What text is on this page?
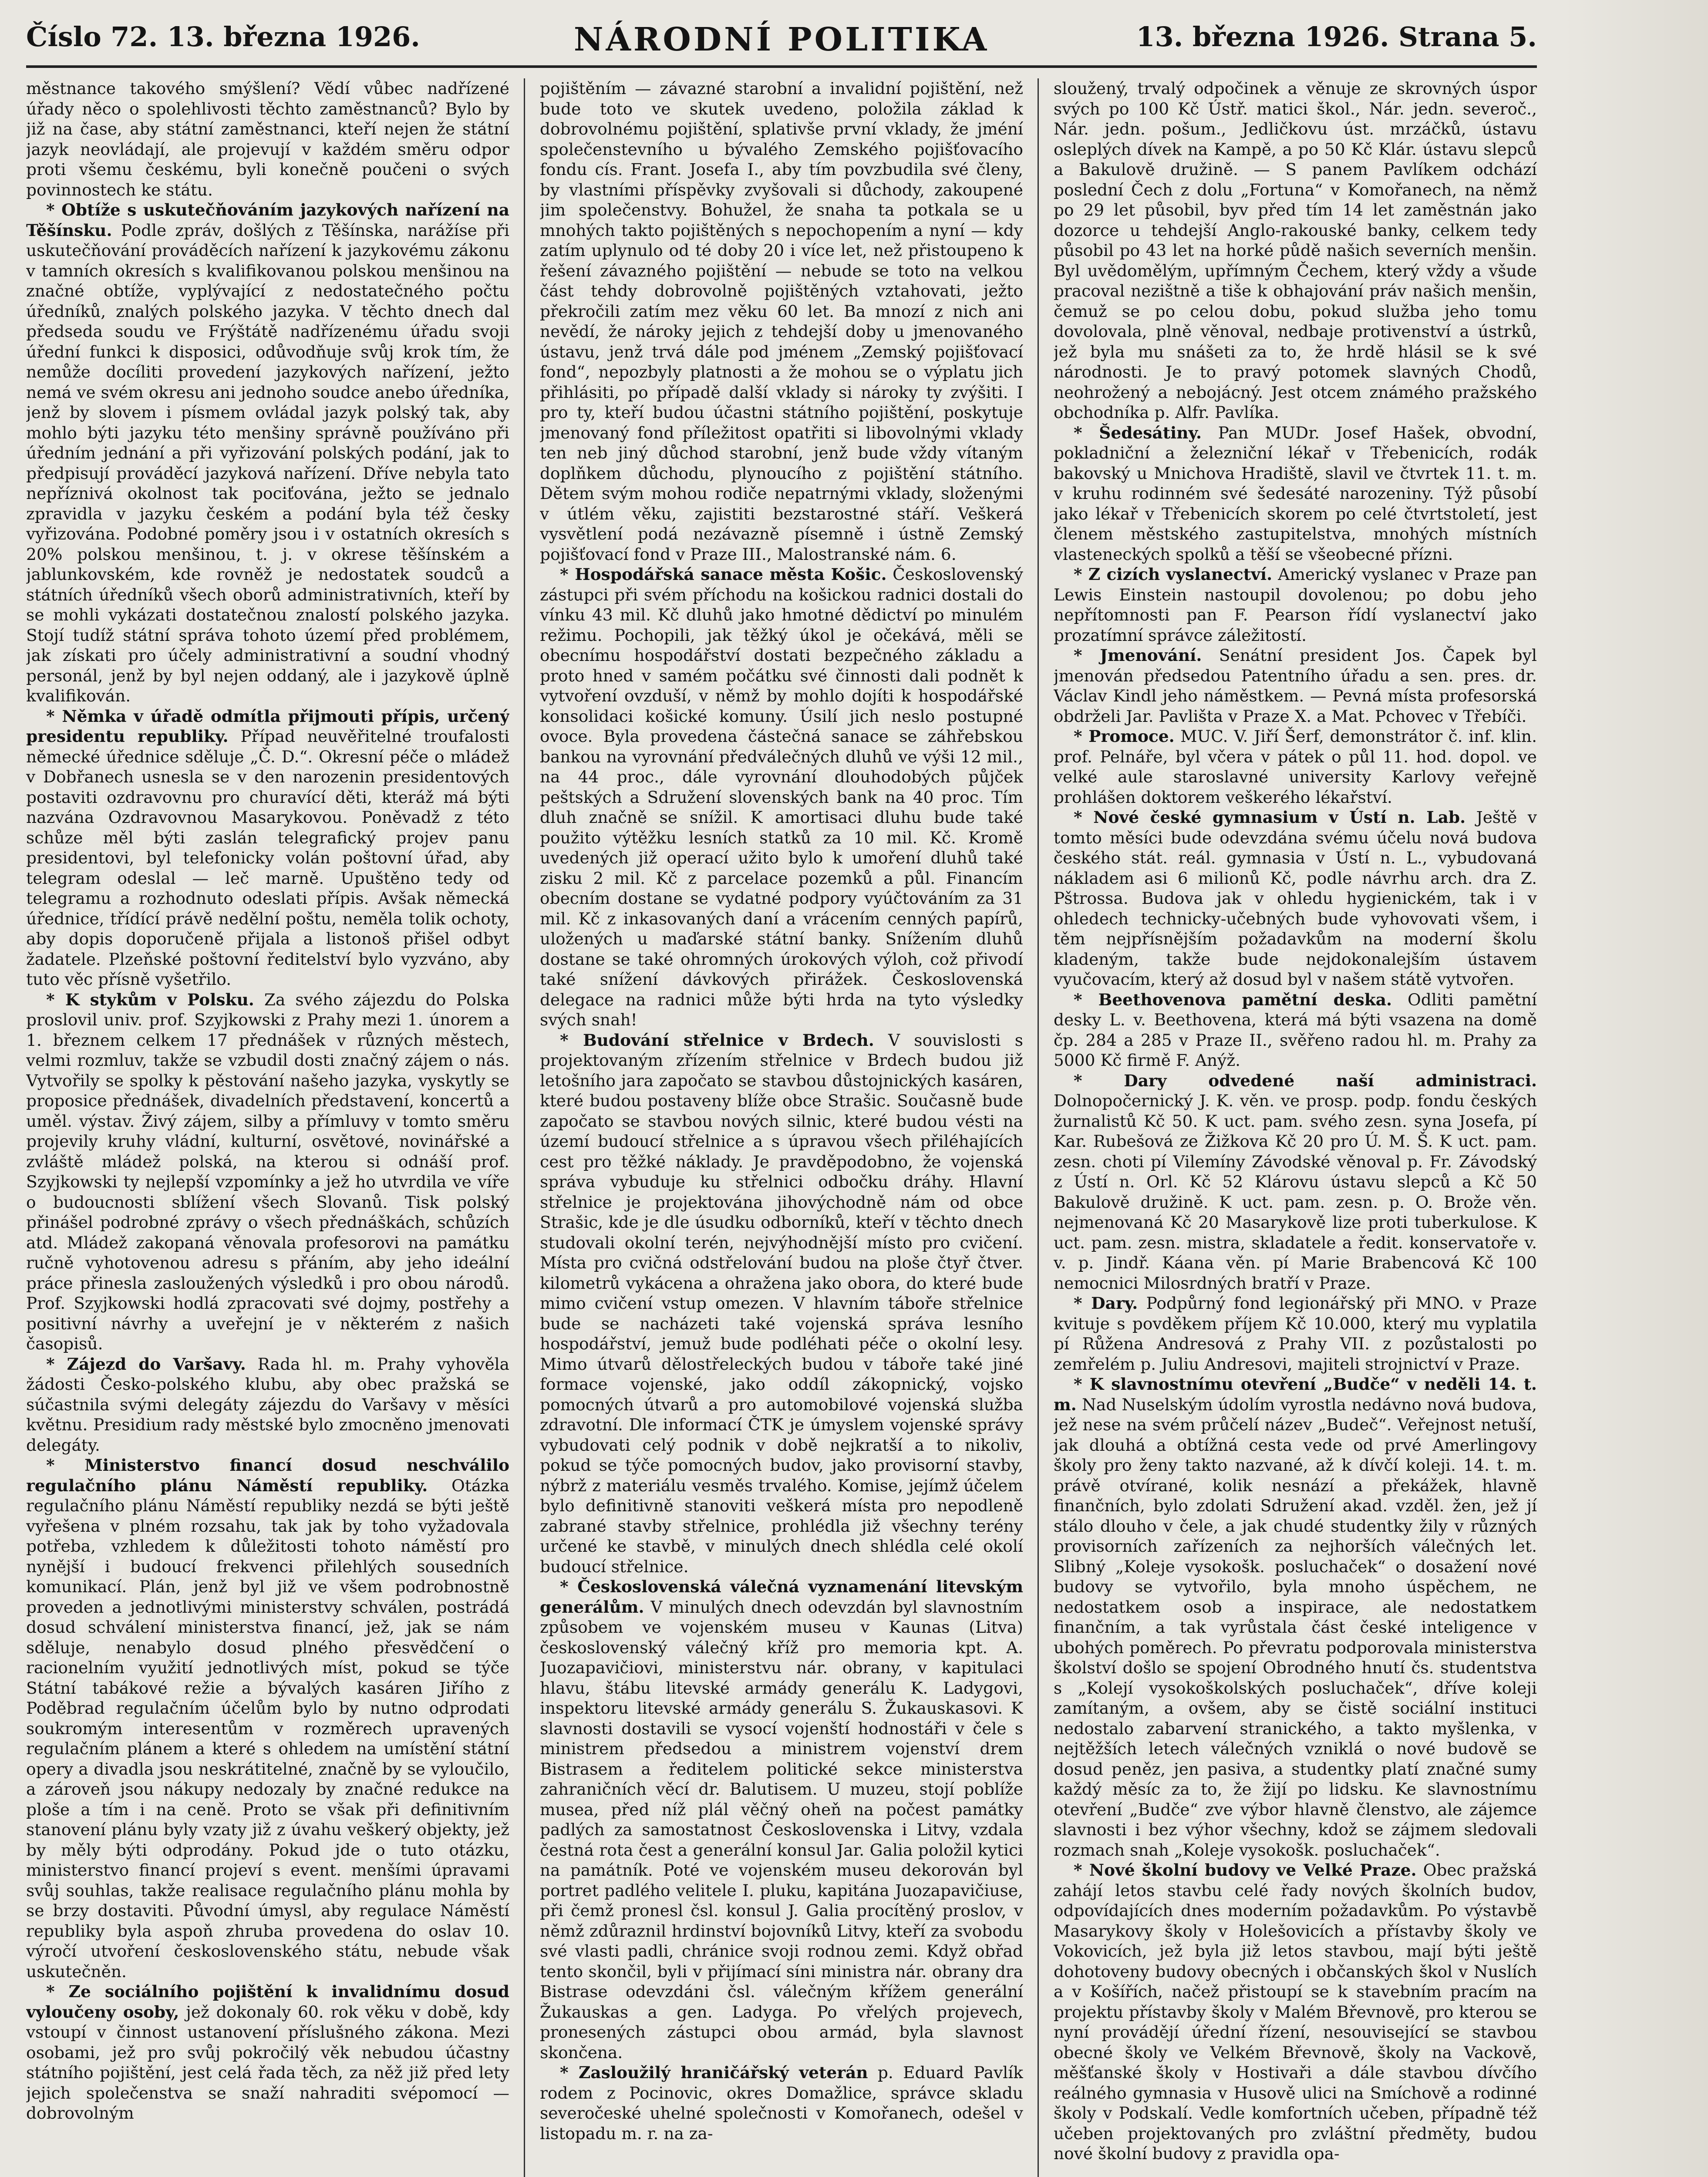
Číslo 72. 13. března 1926.	NÁRODNÍ POLITIKA	13. března 1926. Strana 5.

městnance takového smýšlení? Vědí vůbec nadřízené úřady něco o spolehlivosti těchto zaměstnanců? Bylo by již na čase, aby státní zaměstnanci, kteří nejen že státní jazyk neovládají, ale projevují v každém směru odpor proti všemu českému, byli konečně poučeni o svých povinnostech ke státu.

* Obtíže s uskutečňováním jazykových nařízení na Těšínsku. Podle zpráv, došlých z Těšínska, narážíse při uskutečňování prováděcích nařízení k jazykovému zákonu v tamních okresích s kvalifikovanou polskou menšinou na značné obtíže, vyplývající z nedostatečného počtu úředníků, znalých polského jazyka. V těchto dnech dal předseda soudu ve Frýštátě nadřízenému úřadu svoji úřední funkci k disposici, odůvodňuje svůj krok tím, že nemůže docíliti provedení jazykových nařízení, ježto nemá ve svém okresu ani jednoho soudce anebo úředníka, jenž by slovem i písmem ovládal jazyk polský tak, aby mohlo býti jazyku této menšiny správně používáno při úředním jednání a při vyřizování polských podání, jak to předpisují prováděcí jazyková nařízení. Dříve nebyla tato nepříznivá okolnost tak pociťována, ježto se jednalo zpravidla v jazyku českém a podání byla též česky vyřizována. Podobné poměry jsou i v ostatních okresích s 20% polskou menšinou, t. j. v okrese těšínském a jablunkovském, kde rovněž je nedostatek soudců a státních úředníků všech oborů administrativních, kteří by se mohli vykázati dostatečnou znalostí polského jazyka. Stojí tudíž státní správa tohoto území před problémem, jak získati pro účely administrativní a soudní vhodný personál, jenž by byl nejen oddaný, ale i jazykově úplně kvalifikován.

* Němka v úřadě odmítla přijmouti přípis, určený presidentu republiky. Případ neuvěřitelné troufalosti německé úřednice sděluje „Č. D.“. Okresní péče o mládež v Dobřanech usnesla se v den narozenin presidentových postaviti ozdravovnu pro churavící děti, kteráž má býti nazvána Ozdravovnou Masarykovou. Poněvadž z této schůze měl býti zaslán telegrafický projev panu presidentovi, byl telefonicky volán poštovní úřad, aby telegram odeslal — leč marně. Upuštěno tedy od telegramu a rozhodnuto odeslati přípis. Avšak německá úřednice, třídící právě nedělní poštu, neměla tolik ochoty, aby dopis doporučeně přijala a listonoš přišel odbyt žadatele. Plzeňské poštovní ředitelství bylo vyzváno, aby tuto věc přísně vyšetřilo.

* K stykům v Polsku. Za svého zájezdu do Polska proslovil univ. prof. Szyjkowski z Prahy mezi 1. únorem a 1. březnem celkem 17 přednášek v různých městech, velmi rozmluv, takže se vzbudil dosti značný zájem o nás. Vytvořily se spolky k pěstování našeho jazyka, vyskytly se proposice přednášek, divadelních představení, koncertů a uměl. výstav. Živý zájem, silby a přímluvy v tomto směru projevily kruhy vládní, kulturní, osvětové, novinářské a zvláště mládež polská, na kterou si odnáší prof. Szyjkowski ty nejlepší vzpomínky a jež ho utvrdila ve víře o budoucnosti sblížení všech Slovanů. Tisk polský přinášel podrobné zprávy o všech přednáškách, schůzích atd. Mládež zakopaná věnovala profesorovi na památku ručně vyhotovenou adresu s přáním, aby jeho ideální práce přinesla zasloužených výsledků i pro obou národů. Prof. Szyjkowski hodlá zpracovati své dojmy, postřehy a positivní návrhy a uveřejní je v některém z našich časopisů.

* Zájezd do Varšavy. Rada hl. m. Prahy vyhověla žádosti Česko-polského klubu, aby obec pražská se súčastnila svými delegáty zájezdu do Varšavy v měsíci květnu. Presidium rady městské bylo zmocněno jmenovati delegáty.

* Ministerstvo financí dosud neschválilo regulačního plánu Náměstí republiky. Otázka regulačního plánu Náměstí republiky nezdá se býti ještě vyřešena v plném rozsahu, tak jak by toho vyžadovala potřeba, vzhledem k důležitosti tohoto náměstí pro nynější i budoucí frekvenci přilehlých sousedních komunikací. Plán, jenž byl již ve všem podrobnostně proveden a jednotlivými ministerstvy schválen, postrádá dosud schválení ministerstva financí, jež, jak se nám sděluje, nenabylo dosud plného přesvědčení o racionelním využití jednotlivých míst, pokud se týče Státní tabákové režie a bývalých kasáren Jiřího z Poděbrad regulačním účelům bylo by nutno odprodati soukromým interesentům v rozměrech upravených regulačním plánem a které s ohledem na umístění státní opery a divadla jsou neskrátitelné, značně by se vyloučilo, a zároveň jsou nákupy nedozaly by značné redukce na ploše a tím i na ceně. Proto se však při definitivním stanovení plánu byly vzaty již z úvahu veškerý objekty, jež by měly býti odprodány. Pokud jde o tuto otázku, ministerstvo financí projeví s event. menšími úpravami svůj souhlas, takže realisace regulačního plánu mohla by se brzy dostaviti. Původní úmysl, aby regulace Náměstí republiky byla aspoň zhruba provedena do oslav 10. výročí utvoření československého státu, nebude však uskutečněn.

* Ze sociálního pojištění k invalidnímu dosud vyloučeny osoby, jež dokonaly 60. rok věku v době, kdy vstoupí v činnost ustanovení příslušného zákona. Mezi osobami, jež pro svůj pokročilý věk nebudou účastny státního pojištění, jest celá řada těch, za něž již před lety jejich společenstva se snaží nahraditi svépomocí — dobrovolným

pojištěním — závazné starobní a invalidní pojištění, než bude toto ve skutek uvedeno, položila základ k dobrovolnému pojištění, splativše první vklady, že jméní společenstevního u bývalého Zemského pojišťovacího fondu cís. Frant. Josefa I., aby tím povzbudila své členy, by vlastními příspěvky zvyšovali si důchody, zakoupené jim společenstvy. Bohužel, že snaha ta potkala se u mnohých takto pojištěných s nepochopením a nyní — kdy zatím uplynulo od té doby 20 i více let, než přistoupeno k řešení závazného pojištění — nebude se toto na velkou část tehdy dobrovolně pojištěných vztahovati, ježto překročili zatím mez věku 60 let. Ba mnozí z nich ani nevědí, že nároky jejich z tehdejší doby u jmenovaného ústavu, jenž trvá dále pod jménem „Zemský pojišťovací fond“, nepozbyly platnosti a že mohou se o výplatu jich přihlásiti, po případě další vklady si nároky ty zvýšiti. I pro ty, kteří budou účastni státního pojištění, poskytuje jmenovaný fond příležitost opatřiti si libovolnými vklady ten neb jiný důchod starobní, jenž bude vždy vítaným doplňkem důchodu, plynoucího z pojištění státního. Dětem svým mohou rodiče nepatrnými vklady, složenými v útlém věku, zajistiti bezstarostné stáří. Veškerá vysvětlení podá nezávazně písemně i ústně Zemský pojišťovací fond v Praze III., Malostranské nám. 6.

* Hospodářská sanace města Košic. Československý zástupci při svém příchodu na košickou radnici dostali do vínku 43 mil. Kč dluhů jako hmotné dědictví po minulém režimu. Pochopili, jak těžký úkol je očekává, měli se obecnímu hospodářství dostati bezpečného základu a proto hned v samém počátku své činnosti dali podnět k vytvoření ovzduší, v němž by mohlo dojíti k hospodářské konsolidaci košické komuny. Úsilí jich neslo postupné ovoce. Byla provedena částečná sanace se záhřebskou bankou na vyrovnání předválečných dluhů ve výši 12 mil., na 44 proc., dále vyrovnání dlouhodobých půjček peštských a Sdružení slovenských bank na 40 proc. Tím dluh značně se snížil. K amortisaci dluhu bude také použito výtěžku lesních statků za 10 mil. Kč. Kromě uvedených již operací užito bylo k umoření dluhů také zisku 2 mil. Kč z parcelace pozemků a půl. Financím obecním dostane se vydatné podpory vyúčtováním za 31 mil. Kč z inkasovaných daní a vrácením cenných papírů, uložených u maďarské státní banky. Snížením dluhů dostane se také ohromných úrokových výloh, což přivodí také snížení dávkových přirážek. Československá delegace na radnici může býti hrda na tyto výsledky svých snah!

* Budování střelnice v Brdech. V souvislosti s projektovaným zřízením střelnice v Brdech budou již letošního jara započato se stavbou důstojnických kasáren, které budou postaveny blíže obce Strašic. Současně bude započato se stavbou nových silnic, které budou vésti na území budoucí střelnice a s úpravou všech přiléhajících cest pro těžké náklady. Je pravděpodobno, že vojenská správa vybuduje ku střelnici odbočku dráhy. Hlavní střelnice je projektována jihovýchodně nám od obce Strašic, kde je dle úsudku odborníků, kteří v těchto dnech studovali okolní terén, nejvýhodnější místo pro cvičení. Místa pro cvičná odstřelování budou na ploše čtyř čtver. kilometrů vykácena a ohražena jako obora, do které bude mimo cvičení vstup omezen. V hlavním táboře střelnice bude se nacházeti také vojenská správa lesního hospodářství, jemuž bude podléhati péče o okolní lesy. Mimo útvarů dělostřeleckých budou v táboře také jiné formace vojenské, jako oddíl zákopnický, vojsko pomocných útvarů a pro automobilové vojenská služba zdravotní. Dle informací ČTK je úmyslem vojenské správy vybudovati celý podnik v době nejkratší a to nikoliv, pokud se týče pomocných budov, jako provisorní stavby, nýbrž z materiálu vesměs trvalého. Komise, jejímž účelem bylo definitivně stanoviti veškerá místa pro nepodleně zabrané stavby střelnice, prohlédla již všechny terény určené ke stavbě, v minulých dnech shlédla celé okolí budoucí střelnice.

* Československá válečná vyznamenání litevským generálům. V minulých dnech odevzdán byl slavnostním způsobem ve vojenském museu v Kaunas (Litva) československý válečný kříž pro memoria kpt. A. Juozapavičiovi, ministerstvu nár. obrany, v kapitulaci hlavu, štábu litevské armády generálu K. Ladygovi, inspektoru litevské armády generálu S. Žukauskasovi. K slavnosti dostavili se vysocí vojenští hodnostáři v čele s ministrem předsedou a ministrem vojenství drem Bistrasem a ředitelem politické sekce ministerstva zahraničních věcí dr. Balutisem. U muzeu, stojí poblíže musea, před níž plál věčný oheň na počest památky padlých za samostatnost Československa i Litvy, vzdala čestná rota čest a generální konsul Jar. Galia položil kytici na památník. Poté ve vojenském museu dekorován byl portret padlého velitele I. pluku, kapitána Juozapavičiuse, při čemž pronesl čsl. konsul J. Galia procítěný proslov, v němž zdůraznil hrdinství bojovníků Litvy, kteří za svobodu své vlasti padli, chránice svoji rodnou zemi. Když obřad tento skončil, byli v přijímací síni ministra nár. obrany dra Bistrase odevzdáni čsl. válečným křížem generální Žukauskas a gen. Ladyga. Po vřelých projevech, pronesených zástupci obou armád, byla slavnost skončena.

* Zasloužilý hraničářský veterán p. Eduard Pavlík rodem z Pocinovic, okres Domažlice, správce skladu severočeské uhelné společnosti v Komořanech, odešel v listopadu m. r. na za-

sloužený, trvalý odpočinek a věnuje ze skrovných úspor svých po 100 Kč Ústř. matici škol., Nár. jedn. severoč., Nár. jedn. pošum., Jedličkovu úst. mrzáčků, ústavu osleplých dívek na Kampě, a po 50 Kč Klár. ústavu slepců a Bakulově družině. — S panem Pavlíkem odchází poslední Čech z dolu „Fortuna“ v Komořanech, na němž po 29 let působil, byv před tím 14 let zaměstnán jako dozorce u tehdejší Anglo-rakouské banky, celkem tedy působil po 43 let na horké půdě našich severních menšin. Byl uvědomělým, upřímným Čechem, který vždy a všude pracoval nezištně a tiše k obhajování práv našich menšin, čemuž se po celou dobu, pokud služba jeho tomu dovolovala, plně věnoval, nedbaje protivenství a ústrků, jež byla mu snášeti za to, že hrdě hlásil se k své národnosti. Je to pravý potomek slavných Chodů, neohrožený a nebojácný. Jest otcem známého pražského obchodníka p. Alfr. Pavlíka.

* Šedesátiny. Pan MUDr. Josef Hašek, obvodní, pokladniční a železniční lékař v Třebenicích, rodák bakovský u Mnichova Hradiště, slavil ve čtvrtek 11. t. m. v kruhu rodinném své šedesáté narozeniny. Týž působí jako lékař v Třebenicích skorem po celé čtvrtstoletí, jest členem městského zastupitelstva, mnohých místních vlasteneckých spolků a těší se všeobecné přízni.

* Z cizích vyslanectví. Americký vyslanec v Praze pan Lewis Einstein nastoupil dovolenou; po dobu jeho nepřítomnosti pan F. Pearson řídí vyslanectví jako prozatímní správce záležitostí.

* Jmenování. Senátní president Jos. Čapek byl jmenován předsedou Patentního úřadu a sen. pres. dr. Václav Kindl jeho náměstkem. — Pevná místa profesorská obdrželi Jar. Pavlišta v Praze X. a Mat. Pchovec v Třebíči.

* Promoce. MUC. V. Jiří Šerf, demonstrátor č. inf. klin. prof. Pelnáře, byl včera v pátek o půl 11. hod. dopol. ve velké aule staroslavné university Karlovy veřejně prohlášen doktorem veškerého lékařství.

* Nové české gymnasium v Ústí n. Lab. Ještě v tomto měsíci bude odevzdána svému účelu nová budova českého stát. reál. gymnasia v Ústí n. L., vybudovaná nákladem asi 6 milionů Kč, podle návrhu arch. dra Z. Pštrossa. Budova jak v ohledu hygienickém, tak i v ohledech technicky-učebných bude vyhovovati všem, i těm nejpřísnějším požadavkům na moderní školu kladeným, takže bude nejdokonalejším ústavem vyučovacím, který až dosud byl v našem státě vytvořen.

* Beethovenova pamětní deska. Odliti pamětní desky L. v. Beethovena, která má býti vsazena na domě čp. 284 a 285 v Praze II., svěřeno radou hl. m. Prahy za 5000 Kč firmě F. Anýž.

* Dary odvedené naší administraci. Dolnopočernický J. K. věn. ve prosp. podp. fondu českých žurnalistů Kč 50. K uct. pam. svého zesn. syna Josefa, pí Kar. Rubešová ze Žižkova Kč 20 pro Ú. M. Š. K uct. pam. zesn. choti pí Vilemíny Závodské věnoval p. Fr. Závodský z Ústí n. Orl. Kč 52 Klárovu ústavu slepců a Kč 50 Bakulově družině. K uct. pam. zesn. p. O. Brože věn. nejmenovaná Kč 20 Masarykově lize proti tuberkulose. K uct. pam. zesn. mistra, skladatele a ředit. konservatoře v. v. p. Jindř. Káana věn. pí Marie Brabencová Kč 100 nemocnici Milosrdných bratří v Praze.

* Dary. Podpůrný fond legionářský při MNO. v Praze kvituje s povděkem příjem Kč 10.000, který mu vyplatila pí Růžena Andresová z Prahy VII. z pozůstalosti po zemřelém p. Juliu Andresovi, majiteli strojnictví v Praze.

* K slavnostnímu otevření „Budče“ v neděli 14. t. m. Nad Nuselským údolím vyrostla nedávno nová budova, jež nese na svém průčelí název „Budeč“. Veřejnost netuší, jak dlouhá a obtížná cesta vede od prvé Amerlingovy školy pro ženy takto nazvané, až k dívčí koleji. 14. t. m. právě otvírané, kolik nesnází a překážek, hlavně finančních, bylo zdolati Sdružení akad. vzděl. žen, jež jí stálo dlouho v čele, a jak chudé studentky žily v různých provisorních zařízeních za nejhorších válečných let. Slibný „Koleje vysokošk. posluchaček“ o dosažení nové budovy se vytvořilo, byla mnoho úspěchem, ne nedostatkem osob a inspirace, ale nedostatkem finančním, a tak vyrůstala část české inteligence v ubohých poměrech. Po převratu podporovala ministerstva školství došlo se spojení Obrodného hnutí čs. studentstva s „Kolejí vysokoškolských posluchaček“, dříve koleji zamítaným, a ovšem, aby se čistě sociální instituci nedostalo zabarvení stranického, a takto myšlenka, v nejtěžších letech válečných vzniklá o nové budově se dosud peněz, jen pasiva, a studentky platí značné sumy každý měsíc za to, že žijí po lidsku. Ke slavnostnímu otevření „Budče“ zve výbor hlavně členstvo, ale zájemce slavnosti i bez výhor všechny, kdož se zájmem sledovali rozmach snah „Koleje vysokošk. posluchaček“.

* Nové školní budovy ve Velké Praze. Obec pražská zahájí letos stavbu celé řady nových školních budov, odpovídajících dnes moderním požadavkům. Po výstavbě Masarykovy školy v Holešovicích a přístavby školy ve Vokovicích, jež byla již letos stavbou, mají býti ještě dohotoveny budovy obecných i občanských škol v Nuslích a v Košířích, načež přistoupí se k stavebním pracím na projektu přístavby školy v Malém Břevnově, pro kterou se nyní provádějí úřední řízení, nesouvisející se stavbou obecné školy ve Velkém Břevnově, školy na Vackově, měšťanské školy v Hostivaři a dále stavbou dívčího reálného gymnasia v Husově ulici na Smíchově a rodinné školy v Podskalí. Vedle komfortních učeben, případně též učeben projektovaných pro zvláštní předměty, budou nové školní budovy z pravidla opa-
